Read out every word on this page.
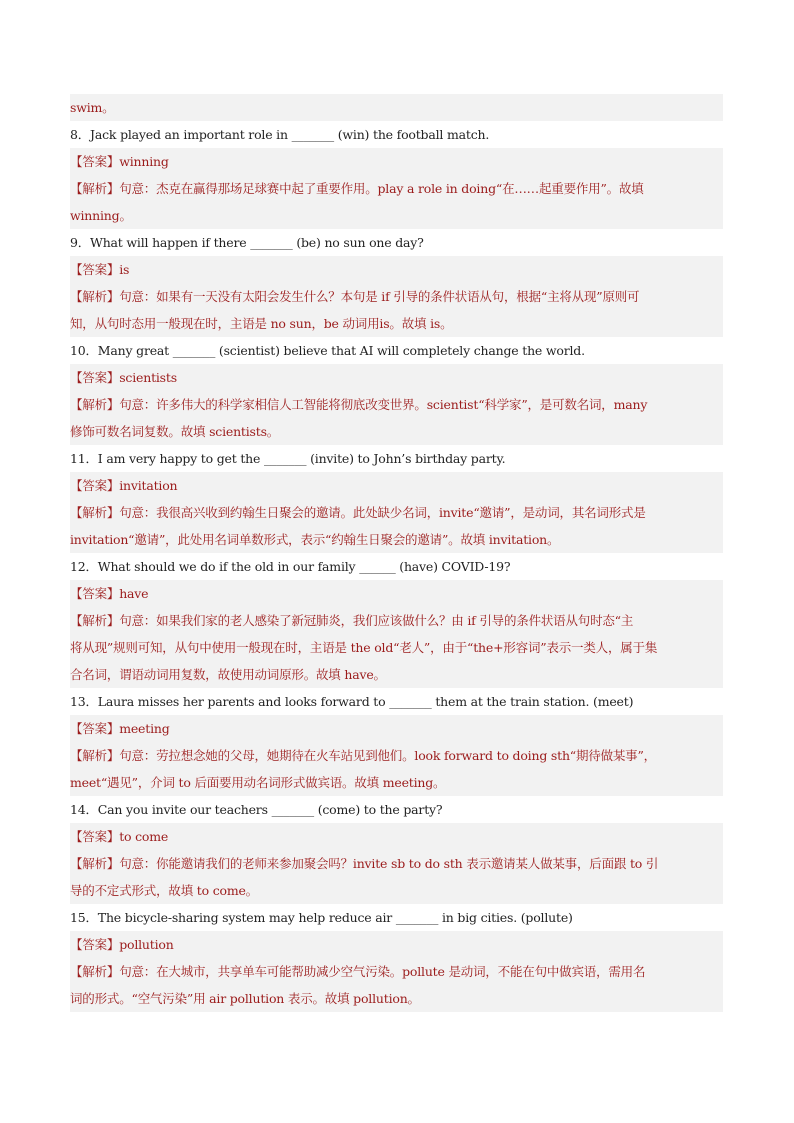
swim。
8．Jack played an important role in _______ (win) the football match.
【答案】winning
【解析】句意：杰克在赢得那场足球赛中起了重要作用。play a role in doing“在……起重要作用”。故填
winning。
9．What will happen if there _______ (be) no sun one day?
【答案】is
【解析】句意：如果有一天没有太阳会发生什么？本句是 if 引导的条件状语从句，根据“主将从现”原则可
知，从句时态用一般现在时，主语是 no sun，be 动词用is。故填 is。
10．Many great _______ (scientist) believe that AI will completely change the world.
【答案】scientists
【解析】句意：许多伟大的科学家相信人工智能将彻底改变世界。scientist“科学家”，是可数名词，many
修饰可数名词复数。故填 scientists。
11．I am very happy to get the _______ (invite) to John’s birthday party.
【答案】invitation
【解析】句意：我很高兴收到约翰生日聚会的邀请。此处缺少名词，invite“邀请”，是动词，其名词形式是
invitation“邀请”，此处用名词单数形式，表示“约翰生日聚会的邀请”。故填 invitation。
12．What should we do if the old in our family ______ (have) COVID-19?
【答案】have
【解析】句意：如果我们家的老人感染了新冠肺炎，我们应该做什么？由 if 引导的条件状语从句时态“主
将从现”规则可知，从句中使用一般现在时，主语是 the old“老人”，由于“the+形容词”表示一类人，属于集
合名词，谓语动词用复数，故使用动词原形。故填 have。
13．Laura misses her parents and looks forward to _______ them at the train station. (meet)
【答案】meeting
【解析】句意：劳拉想念她的父母，她期待在火车站见到他们。look forward to doing sth“期待做某事”，
meet“遇见”，介词 to 后面要用动名词形式做宾语。故填 meeting。
14．Can you invite our teachers _______ (come) to the party?
【答案】to come
【解析】句意：你能邀请我们的老师来参加聚会吗？invite sb to do sth 表示邀请某人做某事，后面跟 to 引
导的不定式形式，故填 to come。
15．The bicycle-sharing system may help reduce air _______ in big cities. (pollute)
【答案】pollution
【解析】句意：在大城市，共享单车可能帮助减少空气污染。pollute 是动词，不能在句中做宾语，需用名
词的形式。“空气污染”用 air pollution 表示。故填 pollution。
